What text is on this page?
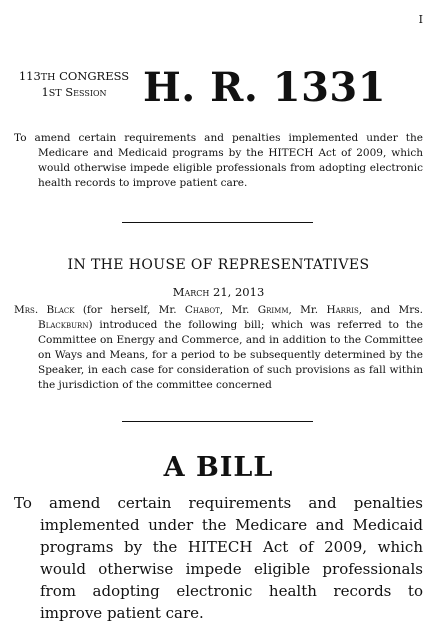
I
113TH CONGRESS
1ST Session H. R. 1331
To amend certain requirements and penalties implemented under the Medicare and Medicaid programs by the HITECH Act of 2009, which would otherwise impede eligible professionals from adopting electronic health records to improve patient care.
IN THE HOUSE OF REPRESENTATIVES
March 21, 2013
Mrs. Black (for herself, Mr. Chabot, Mr. Grimm, Mr. Harris, and Mrs. Blackburn) introduced the following bill; which was referred to the Committee on Energy and Commerce, and in addition to the Committee on Ways and Means, for a period to be subsequently determined by the Speaker, in each case for consideration of such provisions as fall within the jurisdiction of the committee concerned
A BILL
To amend certain requirements and penalties implemented under the Medicare and Medicaid programs by the HITECH Act of 2009, which would otherwise impede eligible professionals from adopting electronic health records to improve patient care.
